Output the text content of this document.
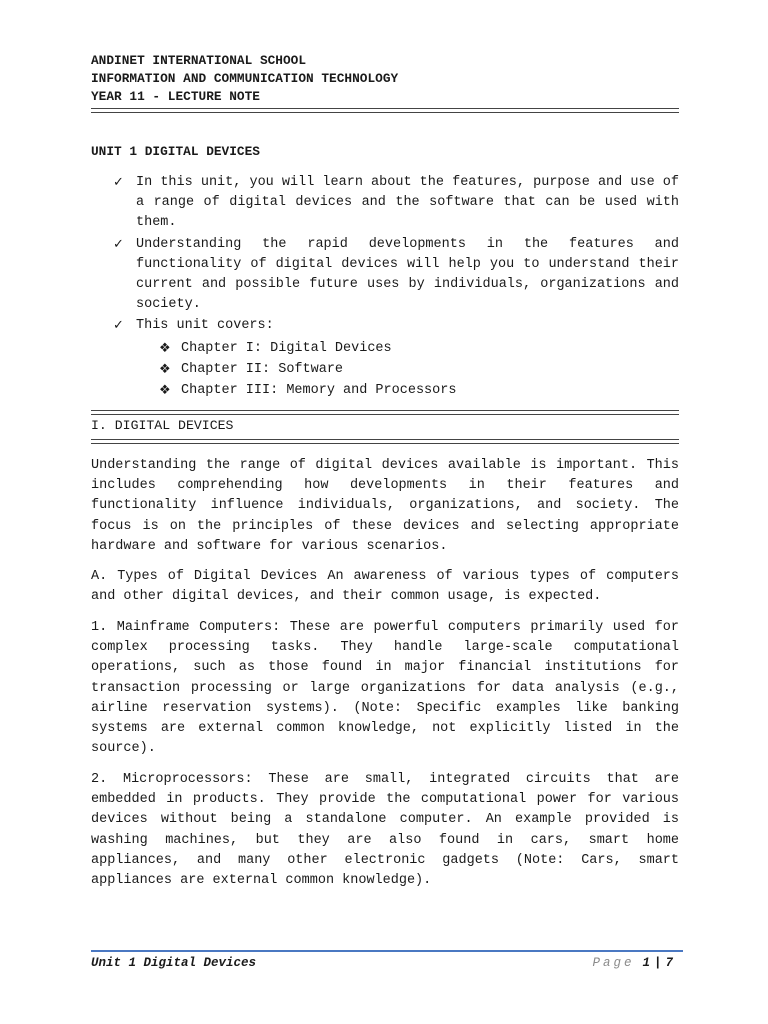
ANDINET INTERNATIONAL SCHOOL
INFORMATION AND COMMUNICATION TECHNOLOGY
YEAR 11 - LECTURE NOTE
UNIT 1 DIGITAL DEVICES
✓ In this unit, you will learn about the features, purpose and use of a range of digital devices and the software that can be used with them.
✓ Understanding the rapid developments in the features and functionality of digital devices will help you to understand their current and possible future uses by individuals, organizations and society.
✓ This unit covers:
❖ Chapter I: Digital Devices
❖ Chapter II: Software
❖ Chapter III: Memory and Processors
I. DIGITAL DEVICES

Understanding the range of digital devices available is important. This includes comprehending how developments in their features and functionality influence individuals, organizations, and society. The focus is on the principles of these devices and selecting appropriate hardware and software for various scenarios.

A. Types of Digital Devices An awareness of various types of computers and other digital devices, and their common usage, is expected.

1. Mainframe Computers: These are powerful computers primarily used for complex processing tasks. They handle large-scale computational operations, such as those found in major financial institutions for transaction processing or large organizations for data analysis (e.g., airline reservation systems). (Note: Specific examples like banking systems are external common knowledge, not explicitly listed in the source).

2. Microprocessors: These are small, integrated circuits that are embedded in products. They provide the computational power for various devices without being a standalone computer. An example provided is washing machines, but they are also found in cars, smart home appliances, and many other electronic gadgets (Note: Cars, smart appliances are external common knowledge).

Unit 1 Digital Devices	Page 1 | 7
